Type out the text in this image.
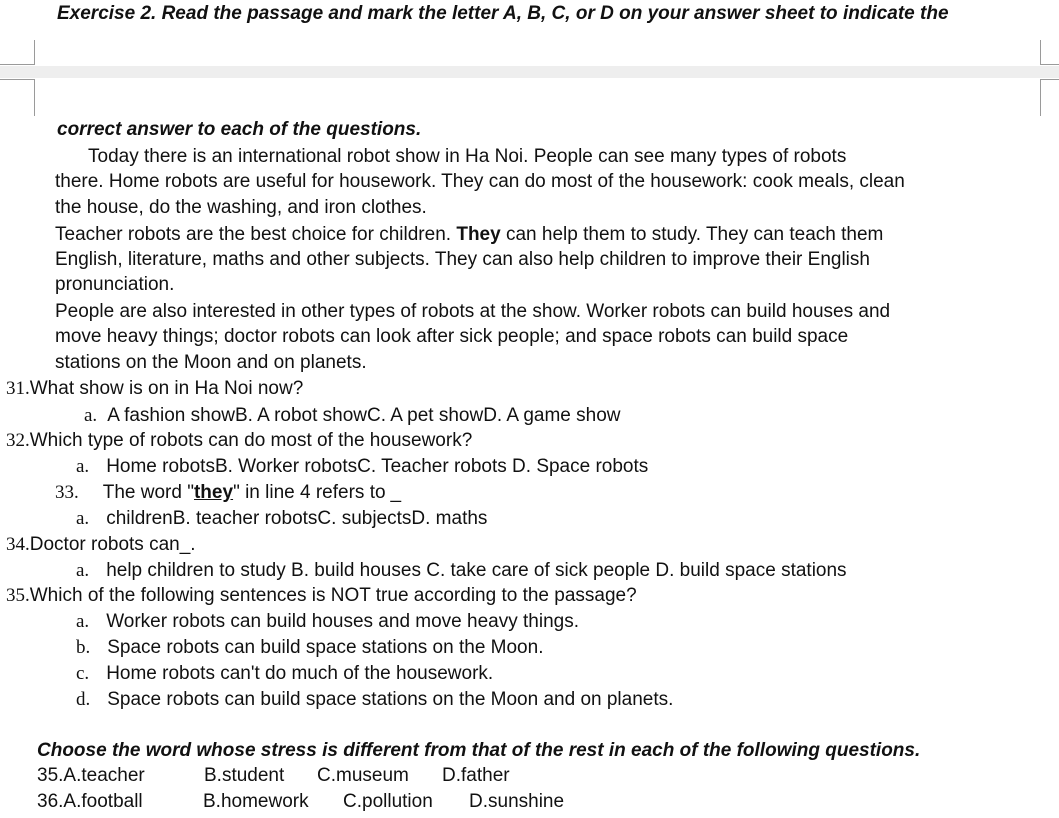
Exercise 2. Read the passage and mark the letter A, B, C, or D on your answer sheet to indicate the
correct answer to each of the questions.
Today there is an international robot show in Ha Noi. People can see many types of robots
there. Home robots are useful for housework. They can do most of the housework: cook meals, clean
the house, do the washing, and iron clothes.
Teacher robots are the best choice for children. They can help them to study. They can teach them
English, literature, maths and other subjects. They can also help children to improve their English
pronunciation.
People are also interested in other types of robots at the show. Worker robots can build houses and
move heavy things; doctor robots can look after sick people; and space robots can build space
stations on the Moon and on planets.
31.What show is on in Ha Noi now?
a. A fashion showB. A robot showC. A pet showD. A game show
32.Which type of robots can do most of the housework?
a. Home robotsB. Worker robotsC. Teacher robots D. Space robots
33. The word "they" in line 4 refers to _
a. childrenB. teacher robotsC. subjectsD. maths
34.Doctor robots can_.
a. help children to study B. build houses C. take care of sick people D. build space stations
35.Which of the following sentences is NOT true according to the passage?
a. Worker robots can build houses and move heavy things.
b. Space robots can build space stations on the Moon.
c. Home robots can't do much of the housework.
d. Space robots can build space stations on the Moon and on planets.
Choose the word whose stress is different from that of the rest in each of the following questions.
35.A.teacher	B.student C.museum D.father
36.A.football	B.homework C.pollution D.sunshine
